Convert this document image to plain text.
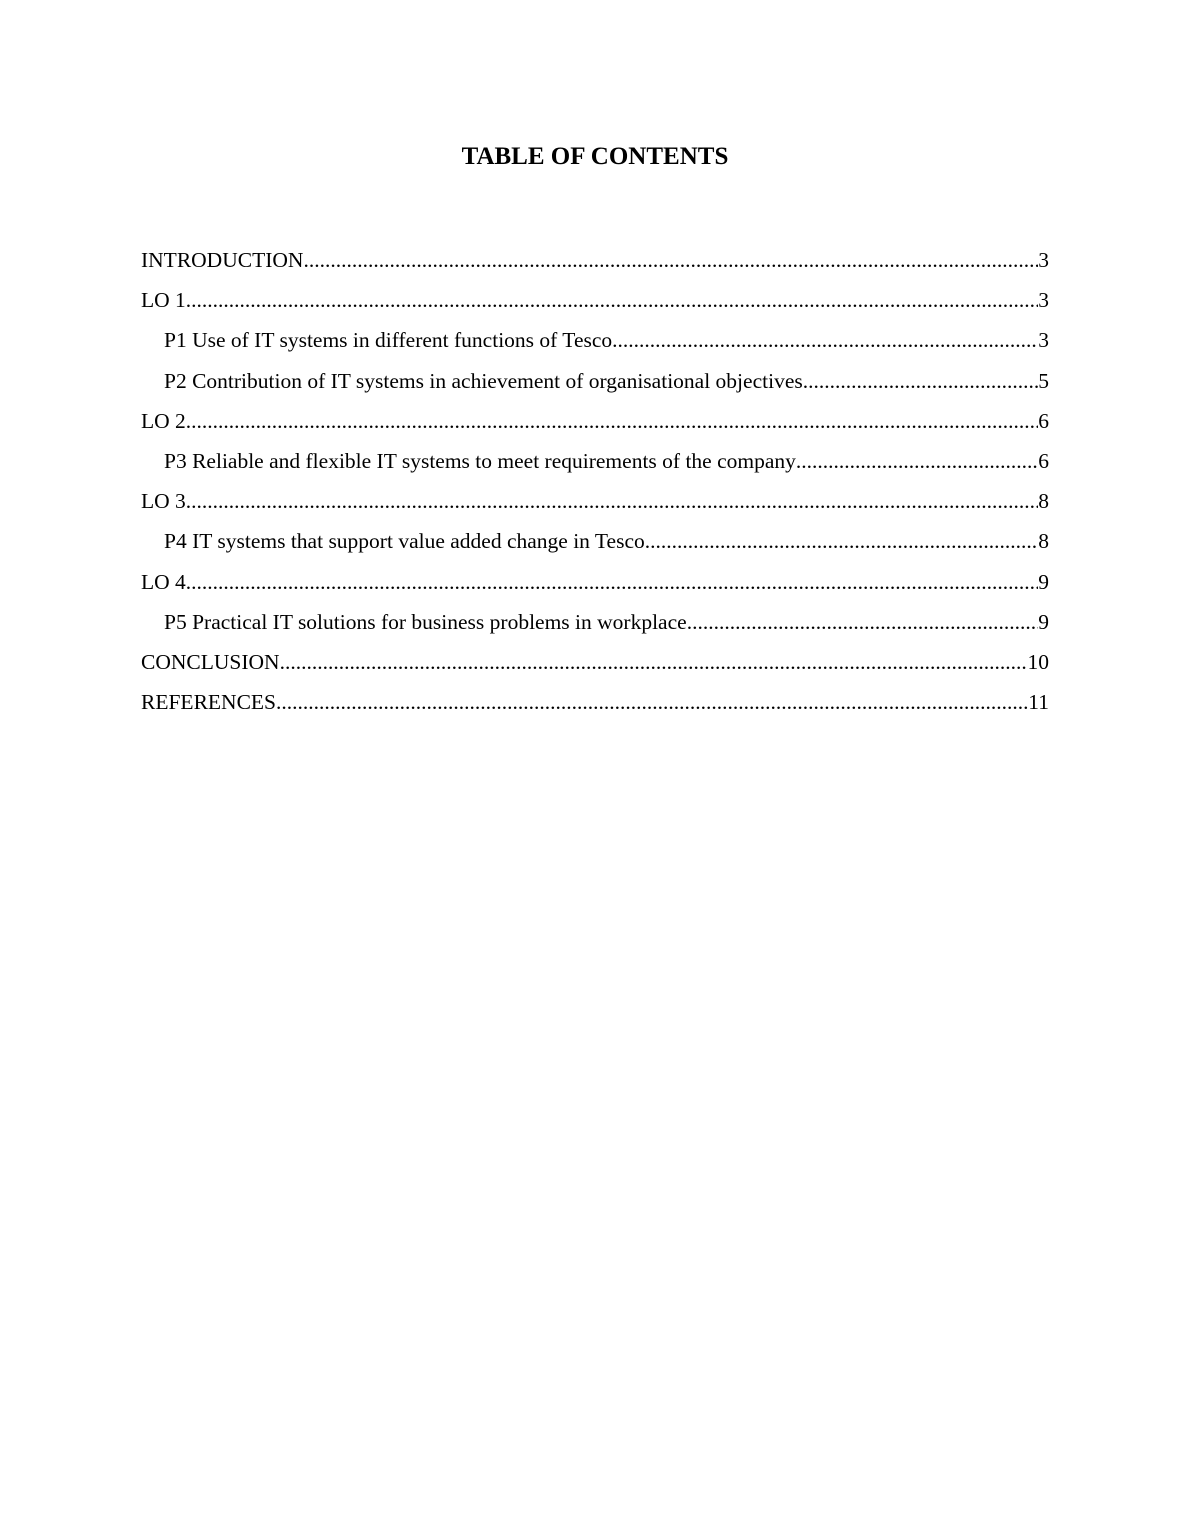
TABLE OF CONTENTS
INTRODUCTION .....	3
LO 1 .....	3
P1 Use of IT systems in different functions of Tesco .....	3
P2 Contribution of IT systems in achievement of organisational objectives .....	5
LO 2 .....	6
P3 Reliable and flexible IT systems to meet requirements of the company .....	6
LO 3 .....	8
P4 IT systems that support value added change in Tesco .....	8
LO 4 .....	9
P5 Practical IT solutions for business problems in workplace .....	9
CONCLUSION .....	10
REFERENCES .....	11
